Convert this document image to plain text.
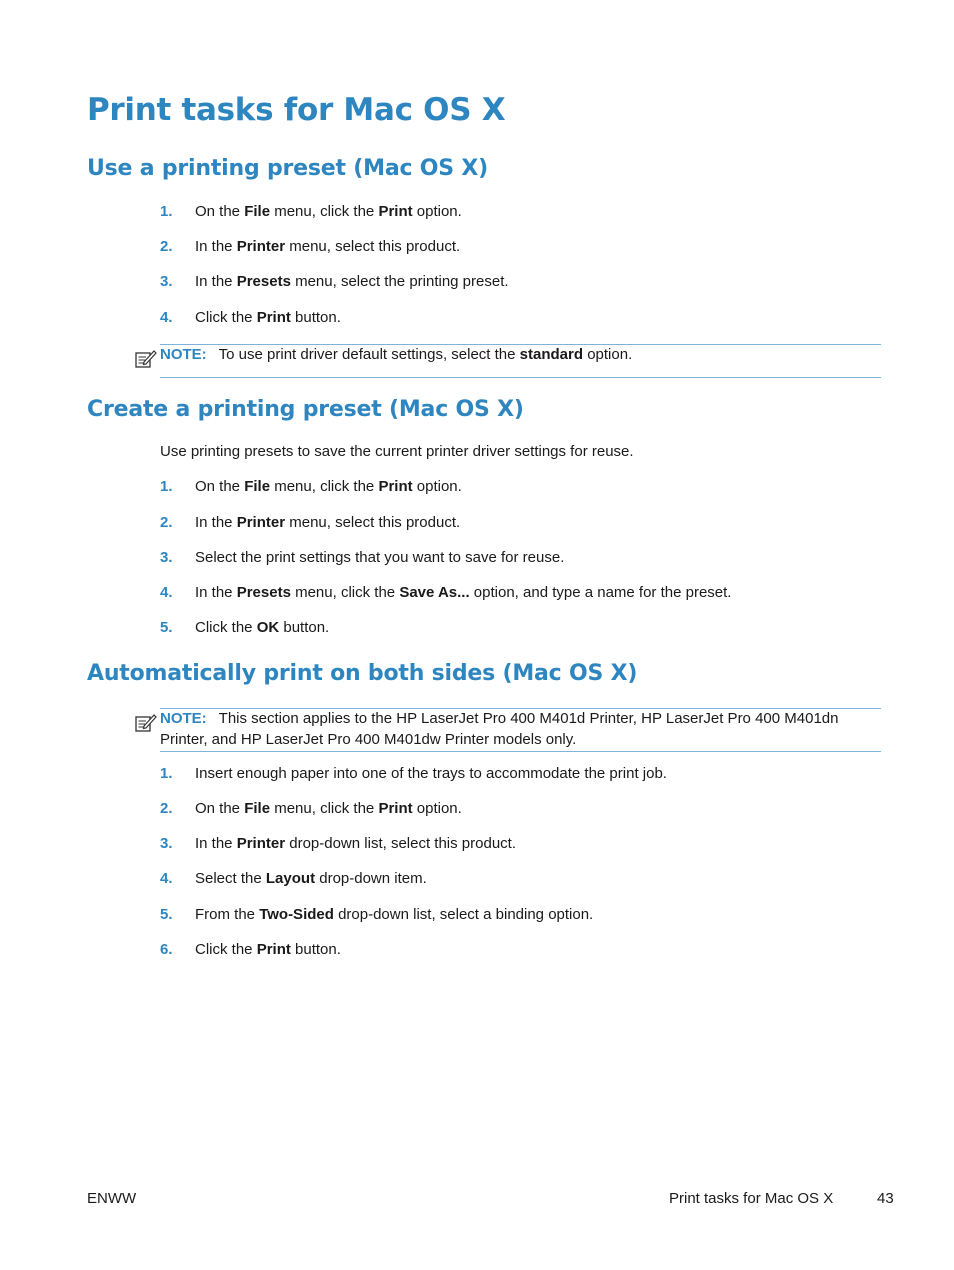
Print tasks for Mac OS X
Use a printing preset (Mac OS X)
1. On the File menu, click the Print option.
2. In the Printer menu, select this product.
3. In the Presets menu, select the printing preset.
4. Click the Print button.
NOTE: To use print driver default settings, select the standard option.
Create a printing preset (Mac OS X)
Use printing presets to save the current printer driver settings for reuse.
1. On the File menu, click the Print option.
2. In the Printer menu, select this product.
3. Select the print settings that you want to save for reuse.
4. In the Presets menu, click the Save As... option, and type a name for the preset.
5. Click the OK button.
Automatically print on both sides (Mac OS X)
NOTE: This section applies to the HP LaserJet Pro 400 M401d Printer, HP LaserJet Pro 400 M401dn
Printer, and HP LaserJet Pro 400 M401dw Printer models only.
1. Insert enough paper into one of the trays to accommodate the print job.
2. On the File menu, click the Print option.
3. In the Printer drop-down list, select this product.
4. Select the Layout drop-down item.
5. From the Two-Sided drop-down list, select a binding option.
6. Click the Print button.
ENWW	Print tasks for Mac OS X	43
